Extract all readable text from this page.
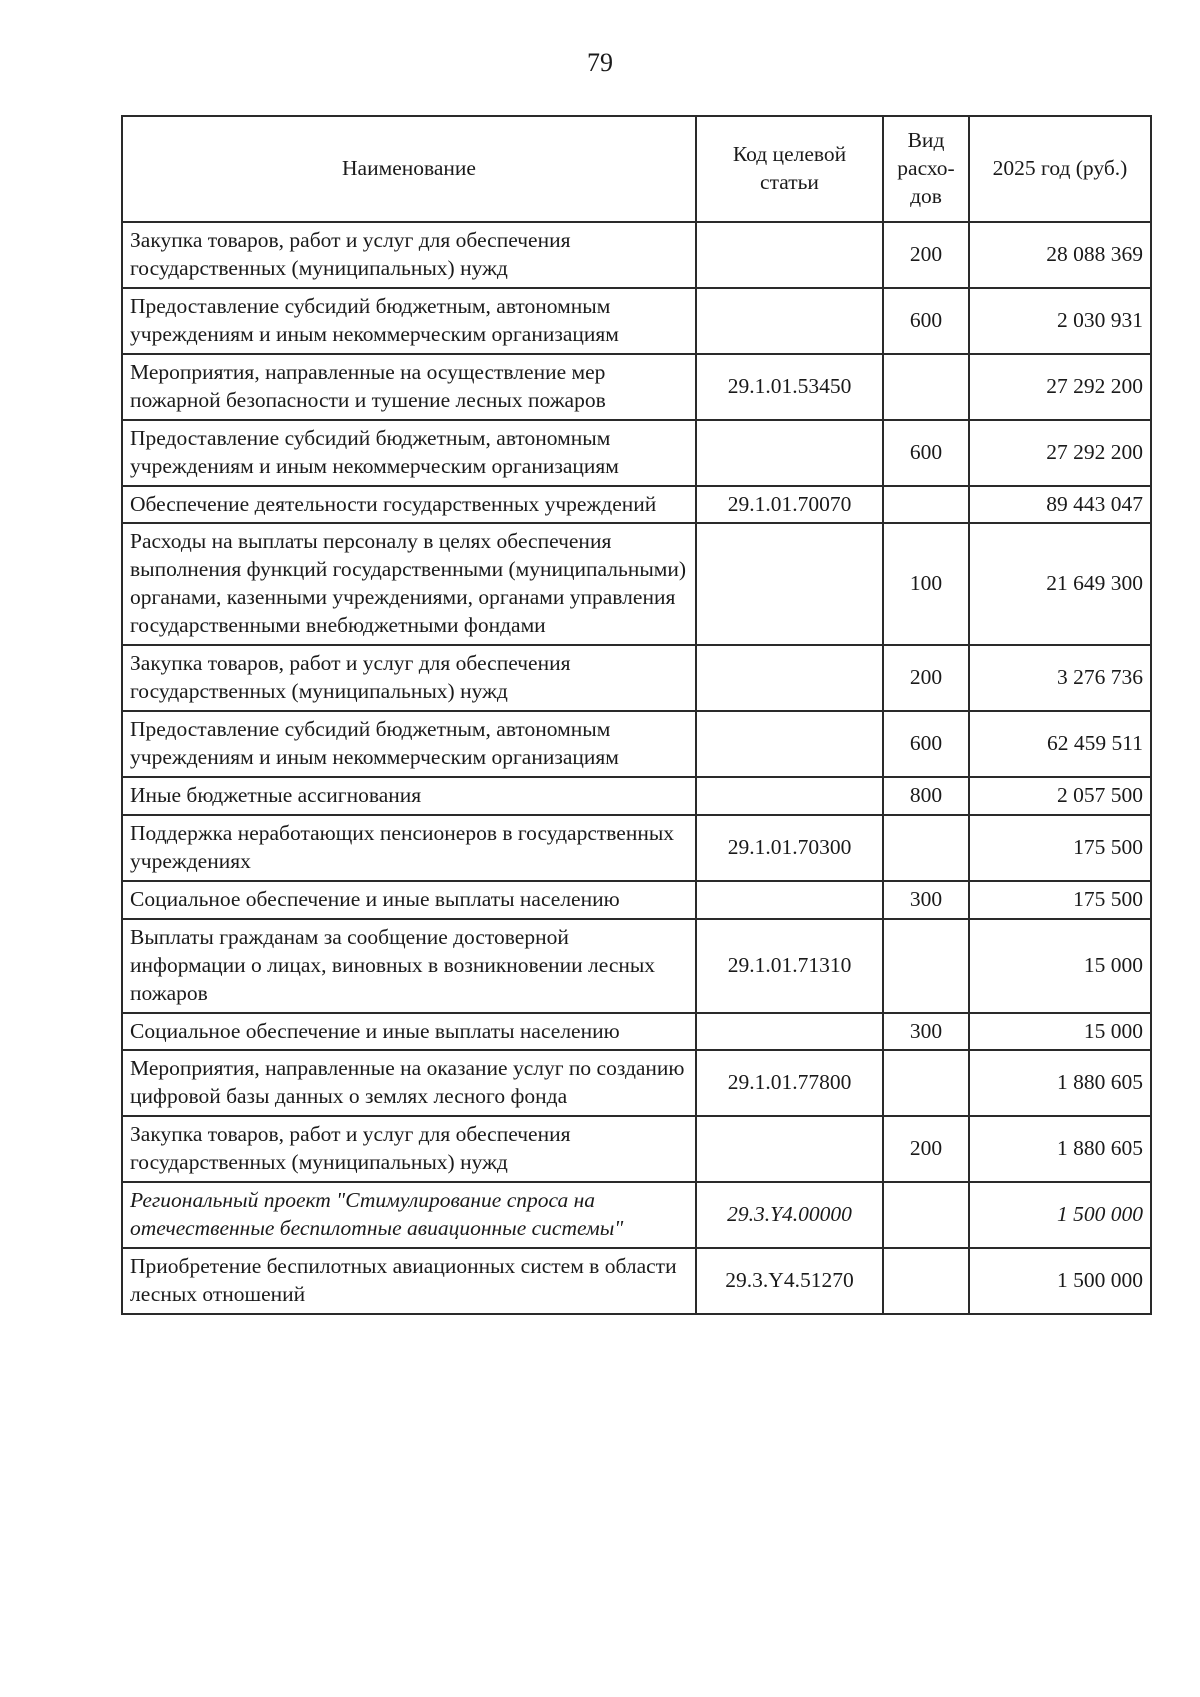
79
Наименование	Код целевой статьи	Вид расхо-дов	2025 год (руб.)
Закупка товаров, работ и услуг для обеспечения государственных (муниципальных) нужд		200	28 088 369
Предоставление субсидий бюджетным, автономным учреждениям и иным некоммерческим организациям		600	2 030 931
Мероприятия, направленные на осуществление мер пожарной безопасности и тушение лесных пожаров	29.1.01.53450		27 292 200
Предоставление субсидий бюджетным, автономным учреждениям и иным некоммерческим организациям		600	27 292 200
Обеспечение деятельности государственных учреждений	29.1.01.70070		89 443 047
Расходы на выплаты персоналу в целях обеспечения выполнения функций государственными (муниципальными) органами, казенными учреждениями, органами управления государственными внебюджетными фондами		100	21 649 300
Закупка товаров, работ и услуг для обеспечения государственных (муниципальных) нужд		200	3 276 736
Предоставление субсидий бюджетным, автономным учреждениям и иным некоммерческим организациям		600	62 459 511
Иные бюджетные ассигнования		800	2 057 500
Поддержка неработающих пенсионеров в государственных учреждениях	29.1.01.70300		175 500
Социальное обеспечение и иные выплаты населению		300	175 500
Выплаты гражданам за сообщение достоверной информации о лицах, виновных в возникновении лесных пожаров	29.1.01.71310		15 000
Социальное обеспечение и иные выплаты населению		300	15 000
Мероприятия, направленные на оказание услуг по созданию цифровой базы данных о землях лесного фонда	29.1.01.77800		1 880 605
Закупка товаров, работ и услуг для обеспечения государственных (муниципальных) нужд		200	1 880 605
Региональный проект "Стимулирование спроса на отечественные беспилотные авиационные системы"	29.3.Y4.00000		1 500 000
Приобретение беспилотных авиационных систем в области лесных отношений	29.3.Y4.51270		1 500 000
